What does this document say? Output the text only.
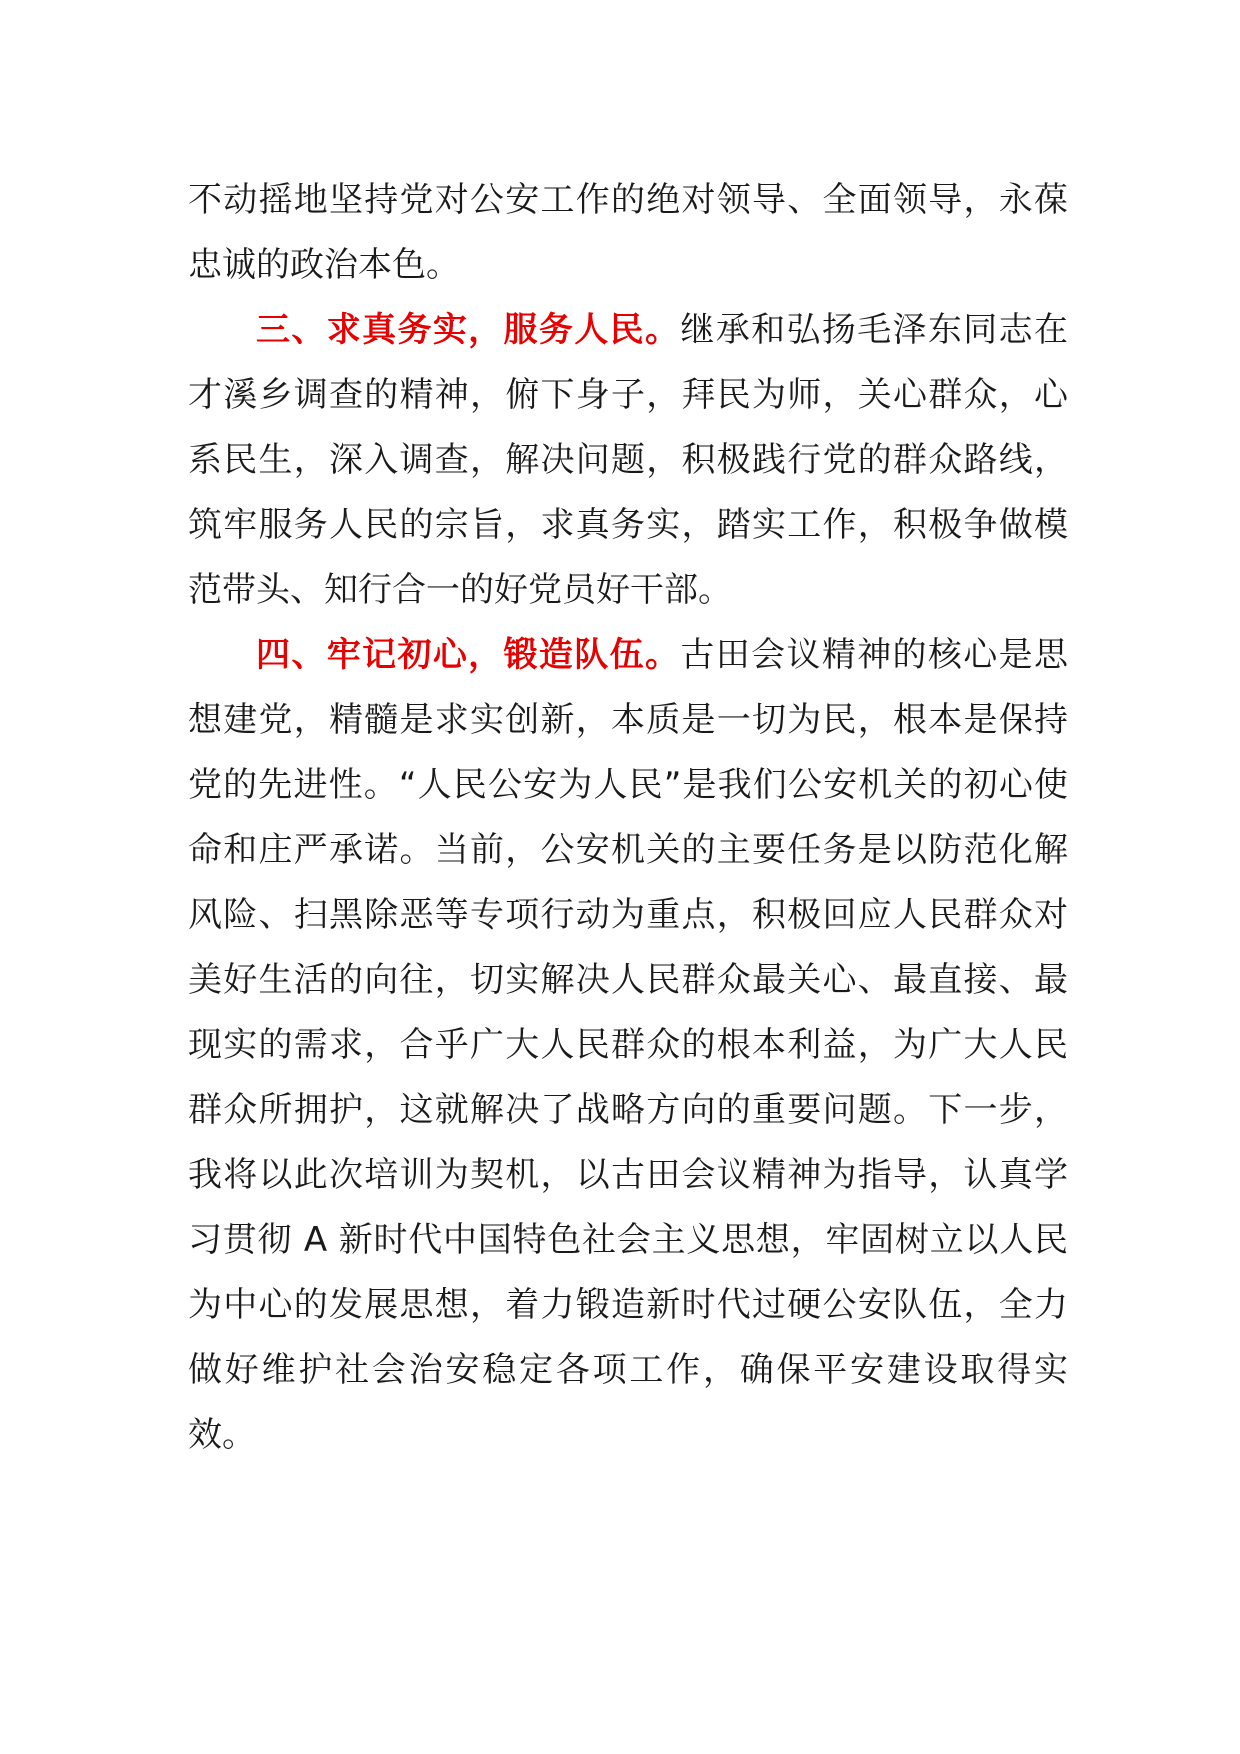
不动摇地坚持党对公安工作的绝对领导、全面领导，永葆忠诚的政治本色。

三、求真务实，服务人民。继承和弘扬毛泽东同志在才溪乡调查的精神，俯下身子，拜民为师，关心群众，心系民生，深入调查，解决问题，积极践行党的群众路线，筑牢服务人民的宗旨，求真务实，踏实工作，积极争做模范带头、知行合一的好党员好干部。

四、牢记初心，锻造队伍。古田会议精神的核心是思想建党，精髓是求实创新，本质是一切为民，根本是保持党的先进性。“人民公安为人民”是我们公安机关的初心使命和庄严承诺。当前，公安机关的主要任务是以防范化解风险、扫黑除恶等专项行动为重点，积极回应人民群众对美好生活的向往，切实解决人民群众最关心、最直接、最现实的需求，合乎广大人民群众的根本利益，为广大人民群众所拥护，这就解决了战略方向的重要问题。下一步，我将以此次培训为契机，以古田会议精神为指导，认真学习贯彻 A 新时代中国特色社会主义思想，牢固树立以人民为中心的发展思想，着力锻造新时代过硬公安队伍，全力做好维护社会治安稳定各项工作，确保平安建设取得实效。
